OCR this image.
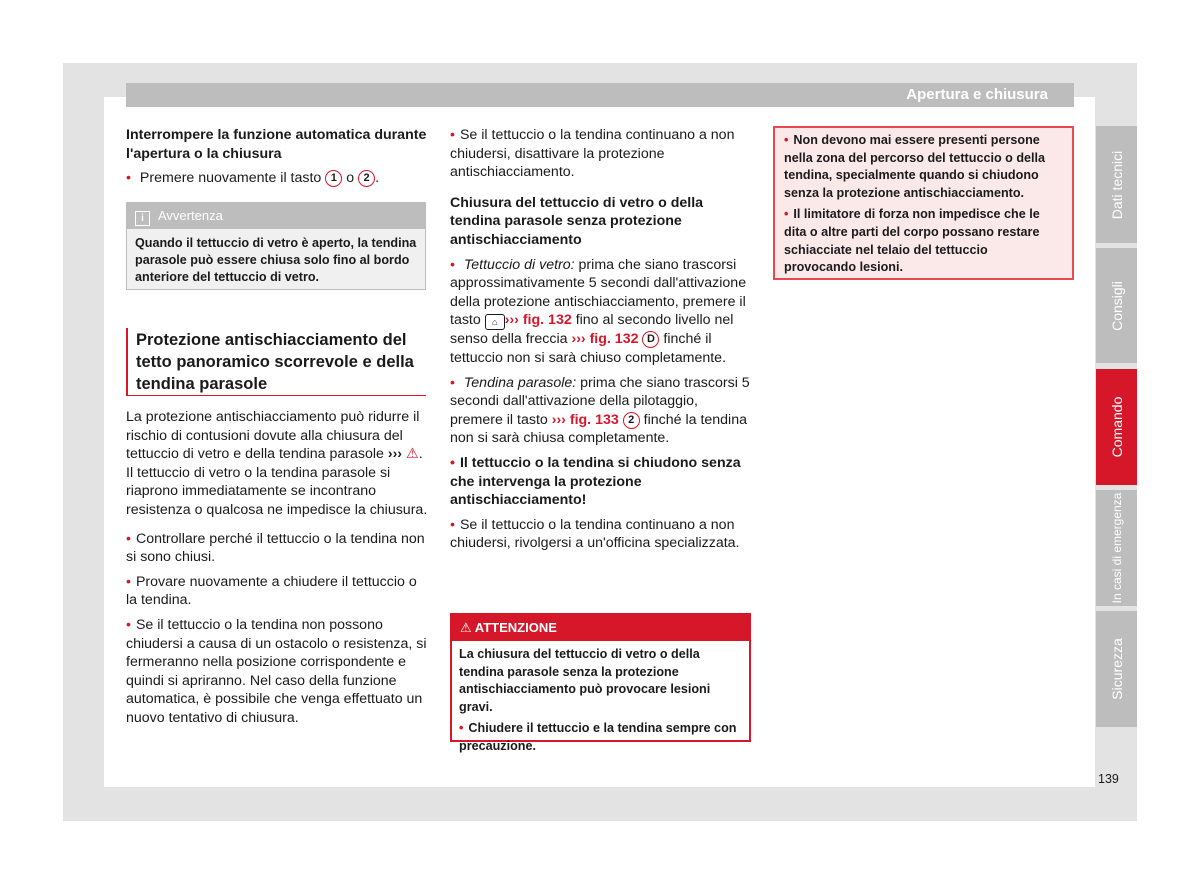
Apertura e chiusura

Interrompere la funzione automatica durante l'apertura o la chiusura

• Premere nuovamente il tasto 1 o 2 .

i Avvertenza
Quando il tettuccio di vetro è aperto, la tendina parasole può essere chiusa solo fino al bordo anteriore del tettuccio di vetro.
Protezione antischiacciamento del tetto panoramico scorrevole e della tendina parasole

La protezione antischiacciamento può ridurre il rischio di contusioni dovute alla chiusura del tettuccio di vetro e della tendina parasole ››› ⚠. Il tettuccio di vetro o la tendina parasole si riaprono immediatamente se incontrano resistenza o qualcosa ne impedisce la chiusura.

• Controllare perché il tettuccio o la tendina non si sono chiusi.

• Provare nuovamente a chiudere il tettuccio o la tendina.

• Se il tettuccio o la tendina non possono chiudersi a causa di un ostacolo o resistenza, si fermeranno nella posizione corrispondente e quindi si apriranno. Nel caso della funzione automatica, è possibile che venga effettuato un nuovo tentativo di chiusura.

• Se il tettuccio o la tendina continuano a non chiudersi, disattivare la protezione antischiacciamento.

Chiusura del tettuccio di vetro o della tendina parasole senza protezione antischiacciamento

• Tettuccio di vetro: prima che siano trascorsi approssimativamente 5 secondi dall'attivazione della protezione antischiacciamento, premere il tasto ⌂ ››› fig. 132 fino al secondo livello nel senso della freccia ››› fig. 132 D finché il tettuccio non si sarà chiuso completamente.

• Tendina parasole: prima che siano trascorsi 5 secondi dall'attivazione della pilotaggio, premere il tasto ››› fig. 133 2 finché la tendina non si sarà chiusa completamente.

• Il tettuccio o la tendina si chiudono senza che intervenga la protezione antischiacciamento!

• Se il tettuccio o la tendina continuano a non chiudersi, rivolgersi a un'officina specializzata.

⚠ ATTENZIONE

La chiusura del tettuccio di vetro o della tendina parasole senza la protezione antischiacciamento può provocare lesioni gravi.

• Chiudere il tettuccio e la tendina sempre con precauzione.

• Non devono mai essere presenti persone nella zona del percorso del tettuccio o della tendina, specialmente quando si chiudono senza la protezione antischiacciamento.

• Il limitatore di forza non impedisce che le dita o altre parti del corpo possano restare schiacciate nel telaio del tettuccio provocando lesioni.

Dati tecnici
Consigli
Comando
In casi di emergenza
Sicurezza
139
